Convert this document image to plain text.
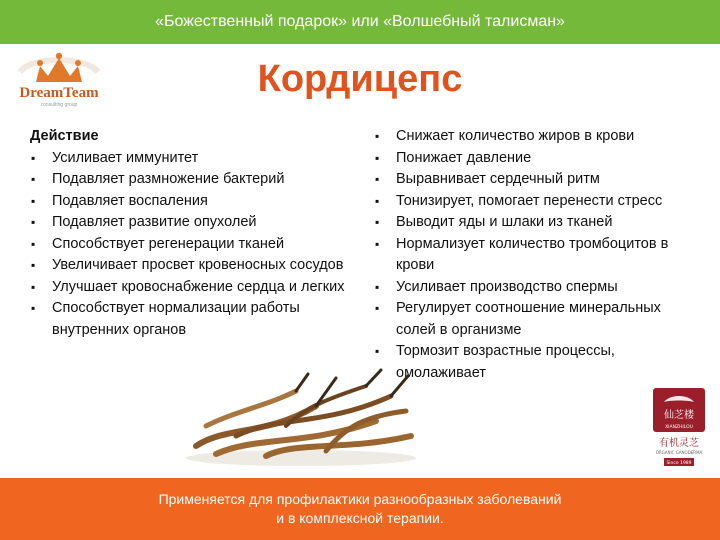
«Божественный подарок» или «Волшебный талисман»
DreamTeam
consulting group
Кордицепс
Действие
▪ Усиливает иммунитет
▪ Подавляет размножение бактерий
▪ Подавляет воспаления
▪ Подавляет развитие опухолей
▪ Способствует регенерации тканей
▪ Увеличивает просвет кровеносных сосудов
▪ Улучшает кровоснабжение сердца и легких
▪ Способствует нормализации работы внутренних органов
▪ Снижает количество жиров в крови
▪ Понижает давление
▪ Выравнивает сердечный ритм
▪ Тонизирует, помогает перенести стресс
▪ Выводит яды и шлаки из тканей
▪ Нормализует количество тромбоцитов в крови
▪ Усиливает производство спермы
▪ Регулирует соотношение минеральных солей в организме
▪ Тормозит возрастные процессы, омолаживает
仙芝楼
XIANZHILOU
有机灵芝
ORGANIC GANODERMA
Since 1989
Применяется для профилактики разнообразных заболеваний
и в комплексной терапии.
